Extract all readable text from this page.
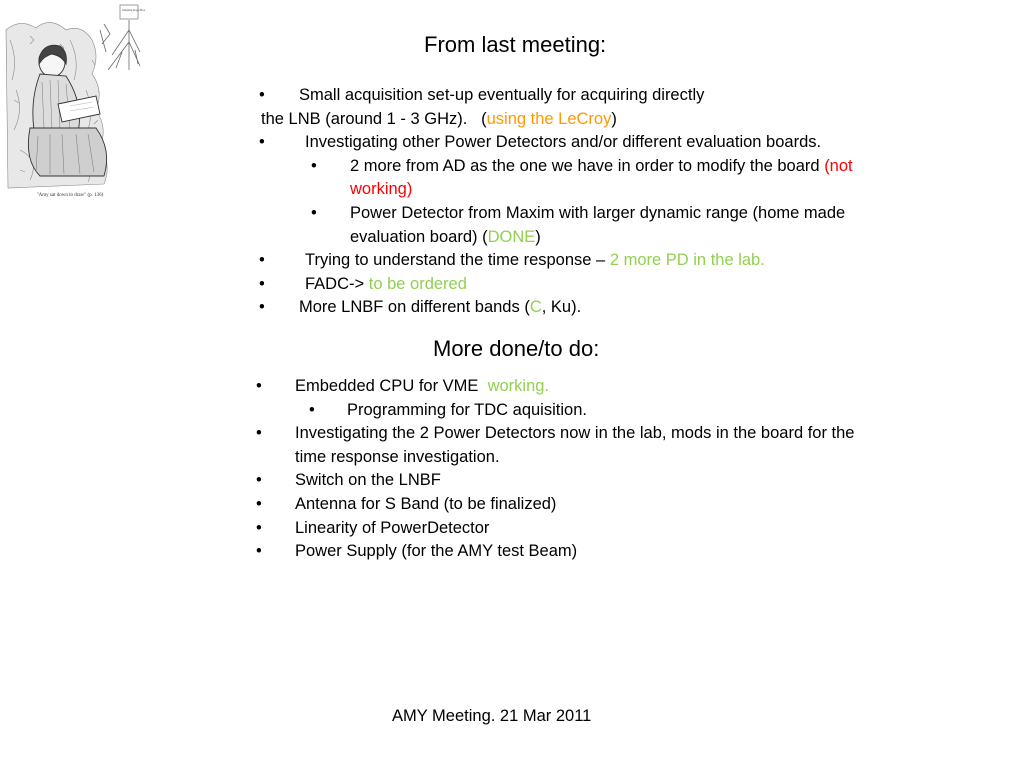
Jumping Rope Box
"Amy sat down to draw" (p. 136)
From last meeting:
• Small acquisition set-up eventually for acquiring directly

the LNB (around 1 - 3 GHz). (using the LeCroy)

• Investigating other Power Detectors and/or different evaluation boards.

• 2 more from AD as the one we have in order to modify the board (not

working)

• Power Detector from Maxim with larger dynamic range (home made

evaluation board) (DONE)

• Trying to understand the time response – 2 more PD in the lab.

• FADC-> to be ordered

• More LNBF on different bands (C, Ku).

More done/to do:
• Embedded CPU for VME working.

• Programming for TDC aquisition.

• Investigating the 2 Power Detectors now in the lab, mods in the board for the

time response investigation.

• Switch on the LNBF

• Antenna for S Band (to be finalized)

• Linearity of PowerDetector

• Power Supply (for the AMY test Beam)

AMY Meeting. 21 Mar 2011
